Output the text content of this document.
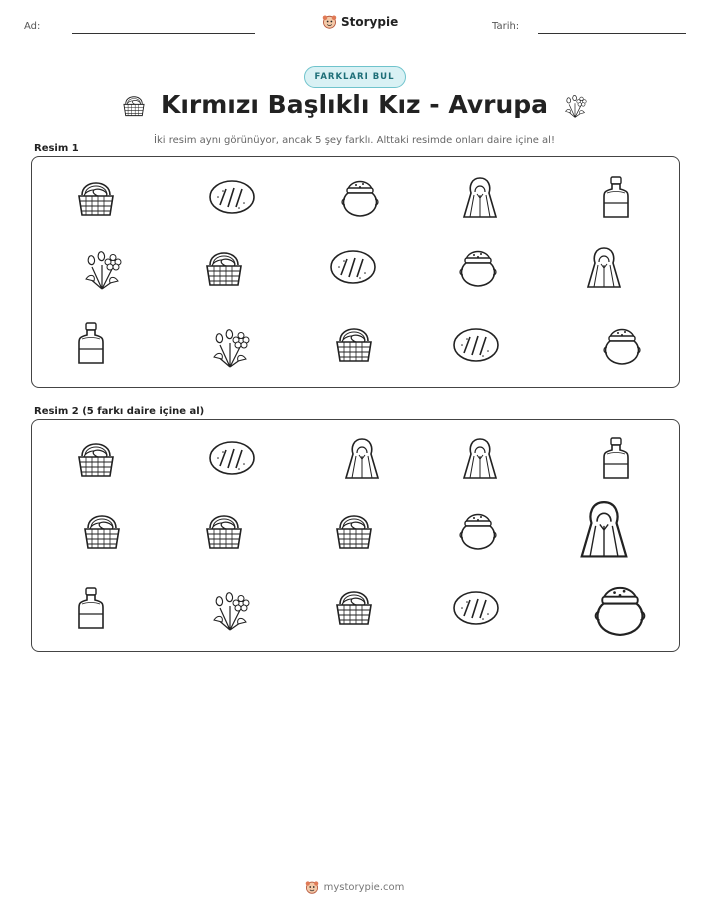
Ad:	Storypie	Tarih:
FARKLARI BUL
Kırmızı Başlıklı Kız - Avrupa
İki resim aynı görünüyor, ancak 5 şey farklı. Alttaki resimde onları daire içine al!
Resim 1
Resim 2 (5 farkı daire içine al)
mystorypie.com
